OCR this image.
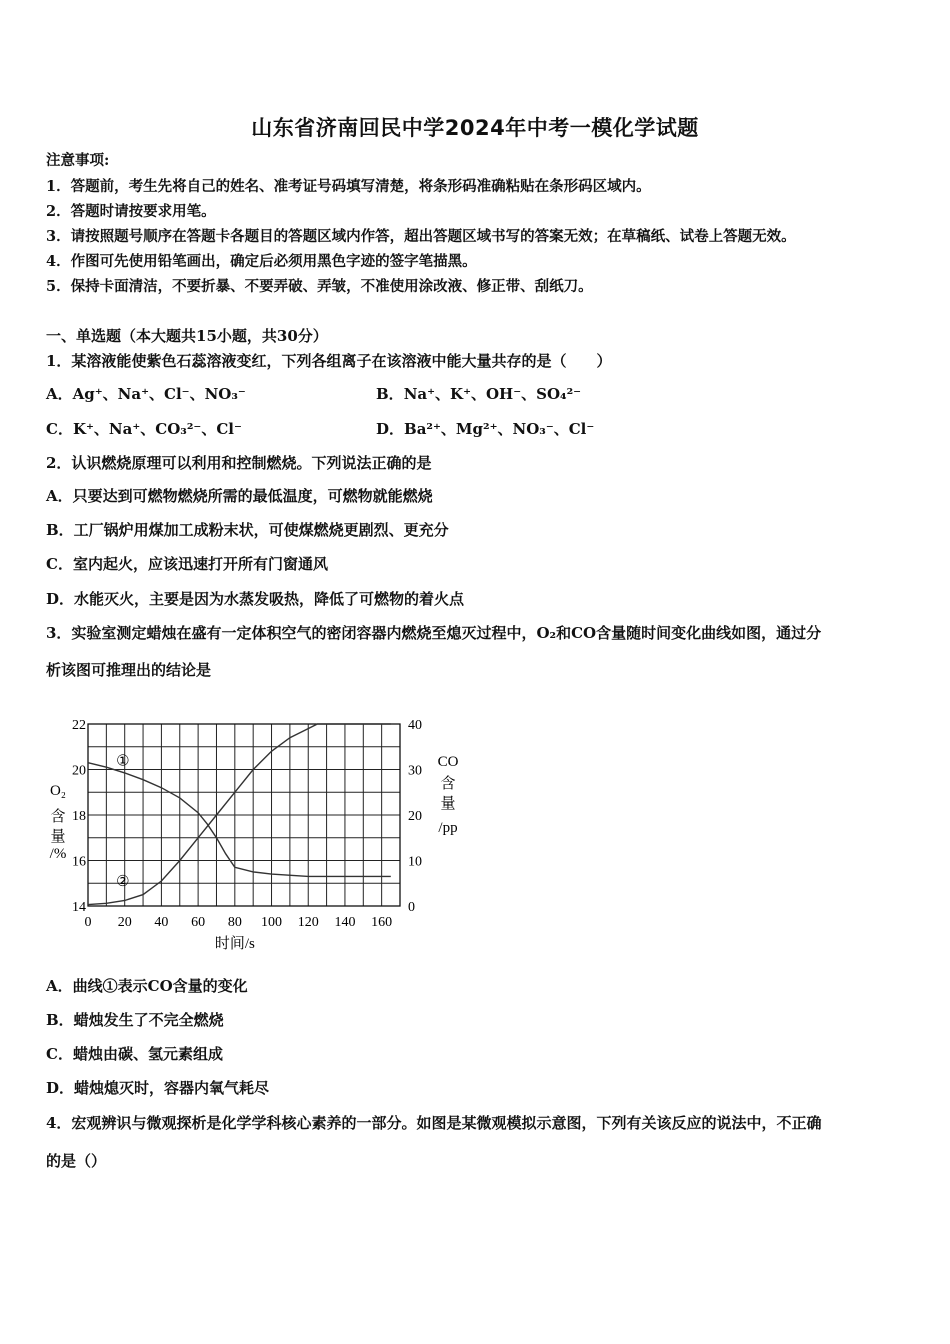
山东省济南回民中学2024年中考一模化学试题
注意事项:
1．答题前，考生先将自己的姓名、准考证号码填写清楚，将条形码准确粘贴在条形码区域内。
2．答题时请按要求用笔。
3．请按照题号顺序在答题卡各题目的答题区域内作答，超出答题区域书写的答案无效；在草稿纸、试卷上答题无效。
4．作图可先使用铅笔画出，确定后必须用黑色字迹的签字笔描黑。
5．保持卡面清洁，不要折暴、不要弄破、弄皱，不准使用涂改液、修正带、刮纸刀。
一、单选题（本大题共15小题，共30分）
1．某溶液能使紫色石蕊溶液变红，下列各组离子在该溶液中能大量共存的是（　　）
A．Ag⁺、Na⁺、Cl⁻、NO₃⁻	B．Na⁺、K⁺、OH⁻、SO₄²⁻
C．K⁺、Na⁺、CO₃²⁻、Cl⁻	D．Ba²⁺、Mg²⁺、NO₃⁻、Cl⁻
2．认识燃烧原理可以利用和控制燃烧。下列说法正确的是
A．只要达到可燃物燃烧所需的最低温度，可燃物就能燃烧
B．工厂锅炉用煤加工成粉末状，可使煤燃烧更剧烈、更充分
C．室内起火，应该迅速打开所有门窗通风
D．水能灭火，主要是因为水蒸发吸热，降低了可燃物的着火点
3．实验室测定蜡烛在盛有一定体积空气的密闭容器内燃烧至熄灭过程中，O₂和CO含量随时间变化曲线如图，通过分
析该图可推理出的结论是
①
②
0 20 40 60 80 100 120 140 160
14
16
18
20
22
0
10
20
30
40
时间/s
O₂
含
量
/%
CO
含
量
/pp
A．曲线①表示CO含量的变化
B．蜡烛发生了不完全燃烧
C．蜡烛由碳、氢元素组成
D．蜡烛熄灭时，容器内氧气耗尽
4．宏观辨识与微观探析是化学学科核心素养的一部分。如图是某微观模拟示意图，下列有关该反应的说法中，不正确
的是（）
